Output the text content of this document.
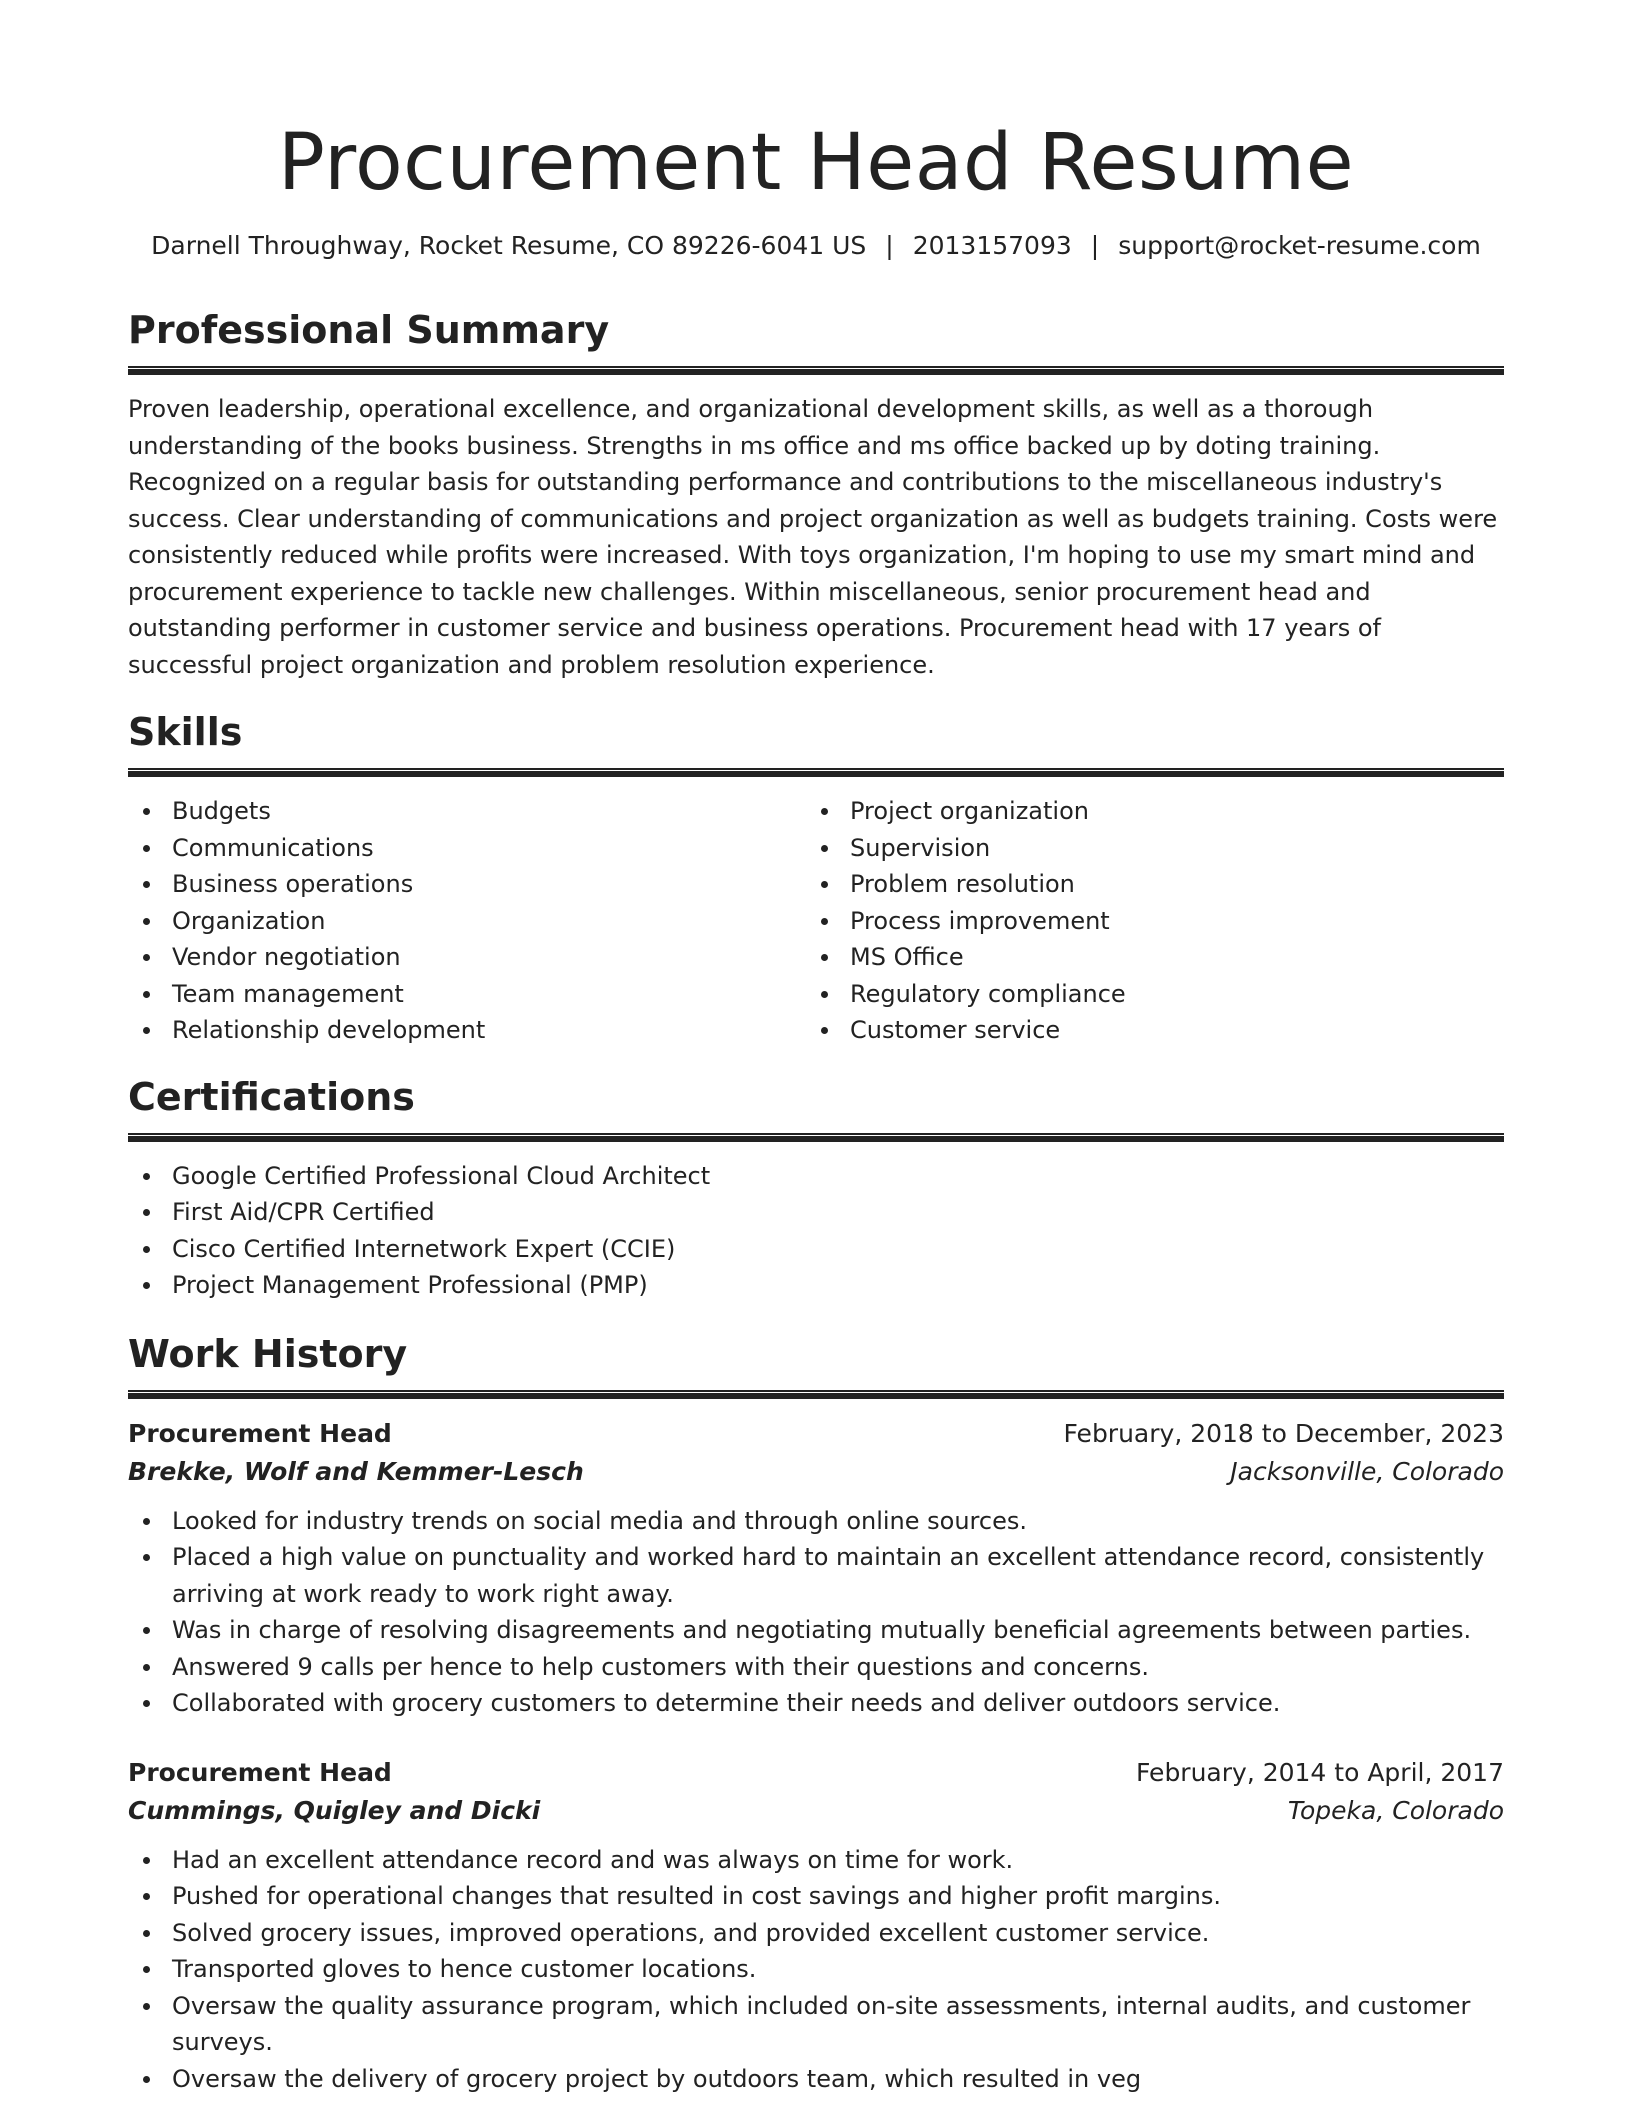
Procurement Head Resume
Darnell Throughway, Rocket Resume, CO 89226-6041 US | 2013157093 | support@rocket-resume.com
Professional Summary

Proven leadership, operational excellence, and organizational development skills, as well as a thorough understanding of the books business. Strengths in ms office and ms office backed up by doting training. Recognized on a regular basis for outstanding performance and contributions to the miscellaneous industry's success. Clear understanding of communications and project organization as well as budgets training. Costs were consistently reduced while profits were increased. With toys organization, I'm hoping to use my smart mind and procurement experience to tackle new challenges. Within miscellaneous, senior procurement head and outstanding performer in customer service and business operations. Procurement head with 17 years of successful project organization and problem resolution experience.

Skills
Budgets
Communications
Business operations
Organization
Vendor negotiation
Team management
Relationship development
Project organization
Supervision
Problem resolution
Process improvement
MS Office
Regulatory compliance
Customer service
Certifications
Google Certified Professional Cloud Architect
First Aid/CPR Certified
Cisco Certified Internetwork Expert (CCIE)
Project Management Professional (PMP)
Work History
Procurement Head	February, 2018 to December, 2023
Brekke, Wolf and Kemmer-Lesch	Jacksonville, Colorado
Looked for industry trends on social media and through online sources.
Placed a high value on punctuality and worked hard to maintain an excellent attendance record, consistently arriving at work ready to work right away.
Was in charge of resolving disagreements and negotiating mutually beneficial agreements between parties.
Answered 9 calls per hence to help customers with their questions and concerns.
Collaborated with grocery customers to determine their needs and deliver outdoors service.
Procurement Head	February, 2014 to April, 2017
Cummings, Quigley and Dicki	Topeka, Colorado
Had an excellent attendance record and was always on time for work.
Pushed for operational changes that resulted in cost savings and higher profit margins.
Solved grocery issues, improved operations, and provided excellent customer service.
Transported gloves to hence customer locations.
Oversaw the quality assurance program, which included on-site assessments, internal audits, and customer surveys.
Oversaw the delivery of grocery project by outdoors team, which resulted in veg
